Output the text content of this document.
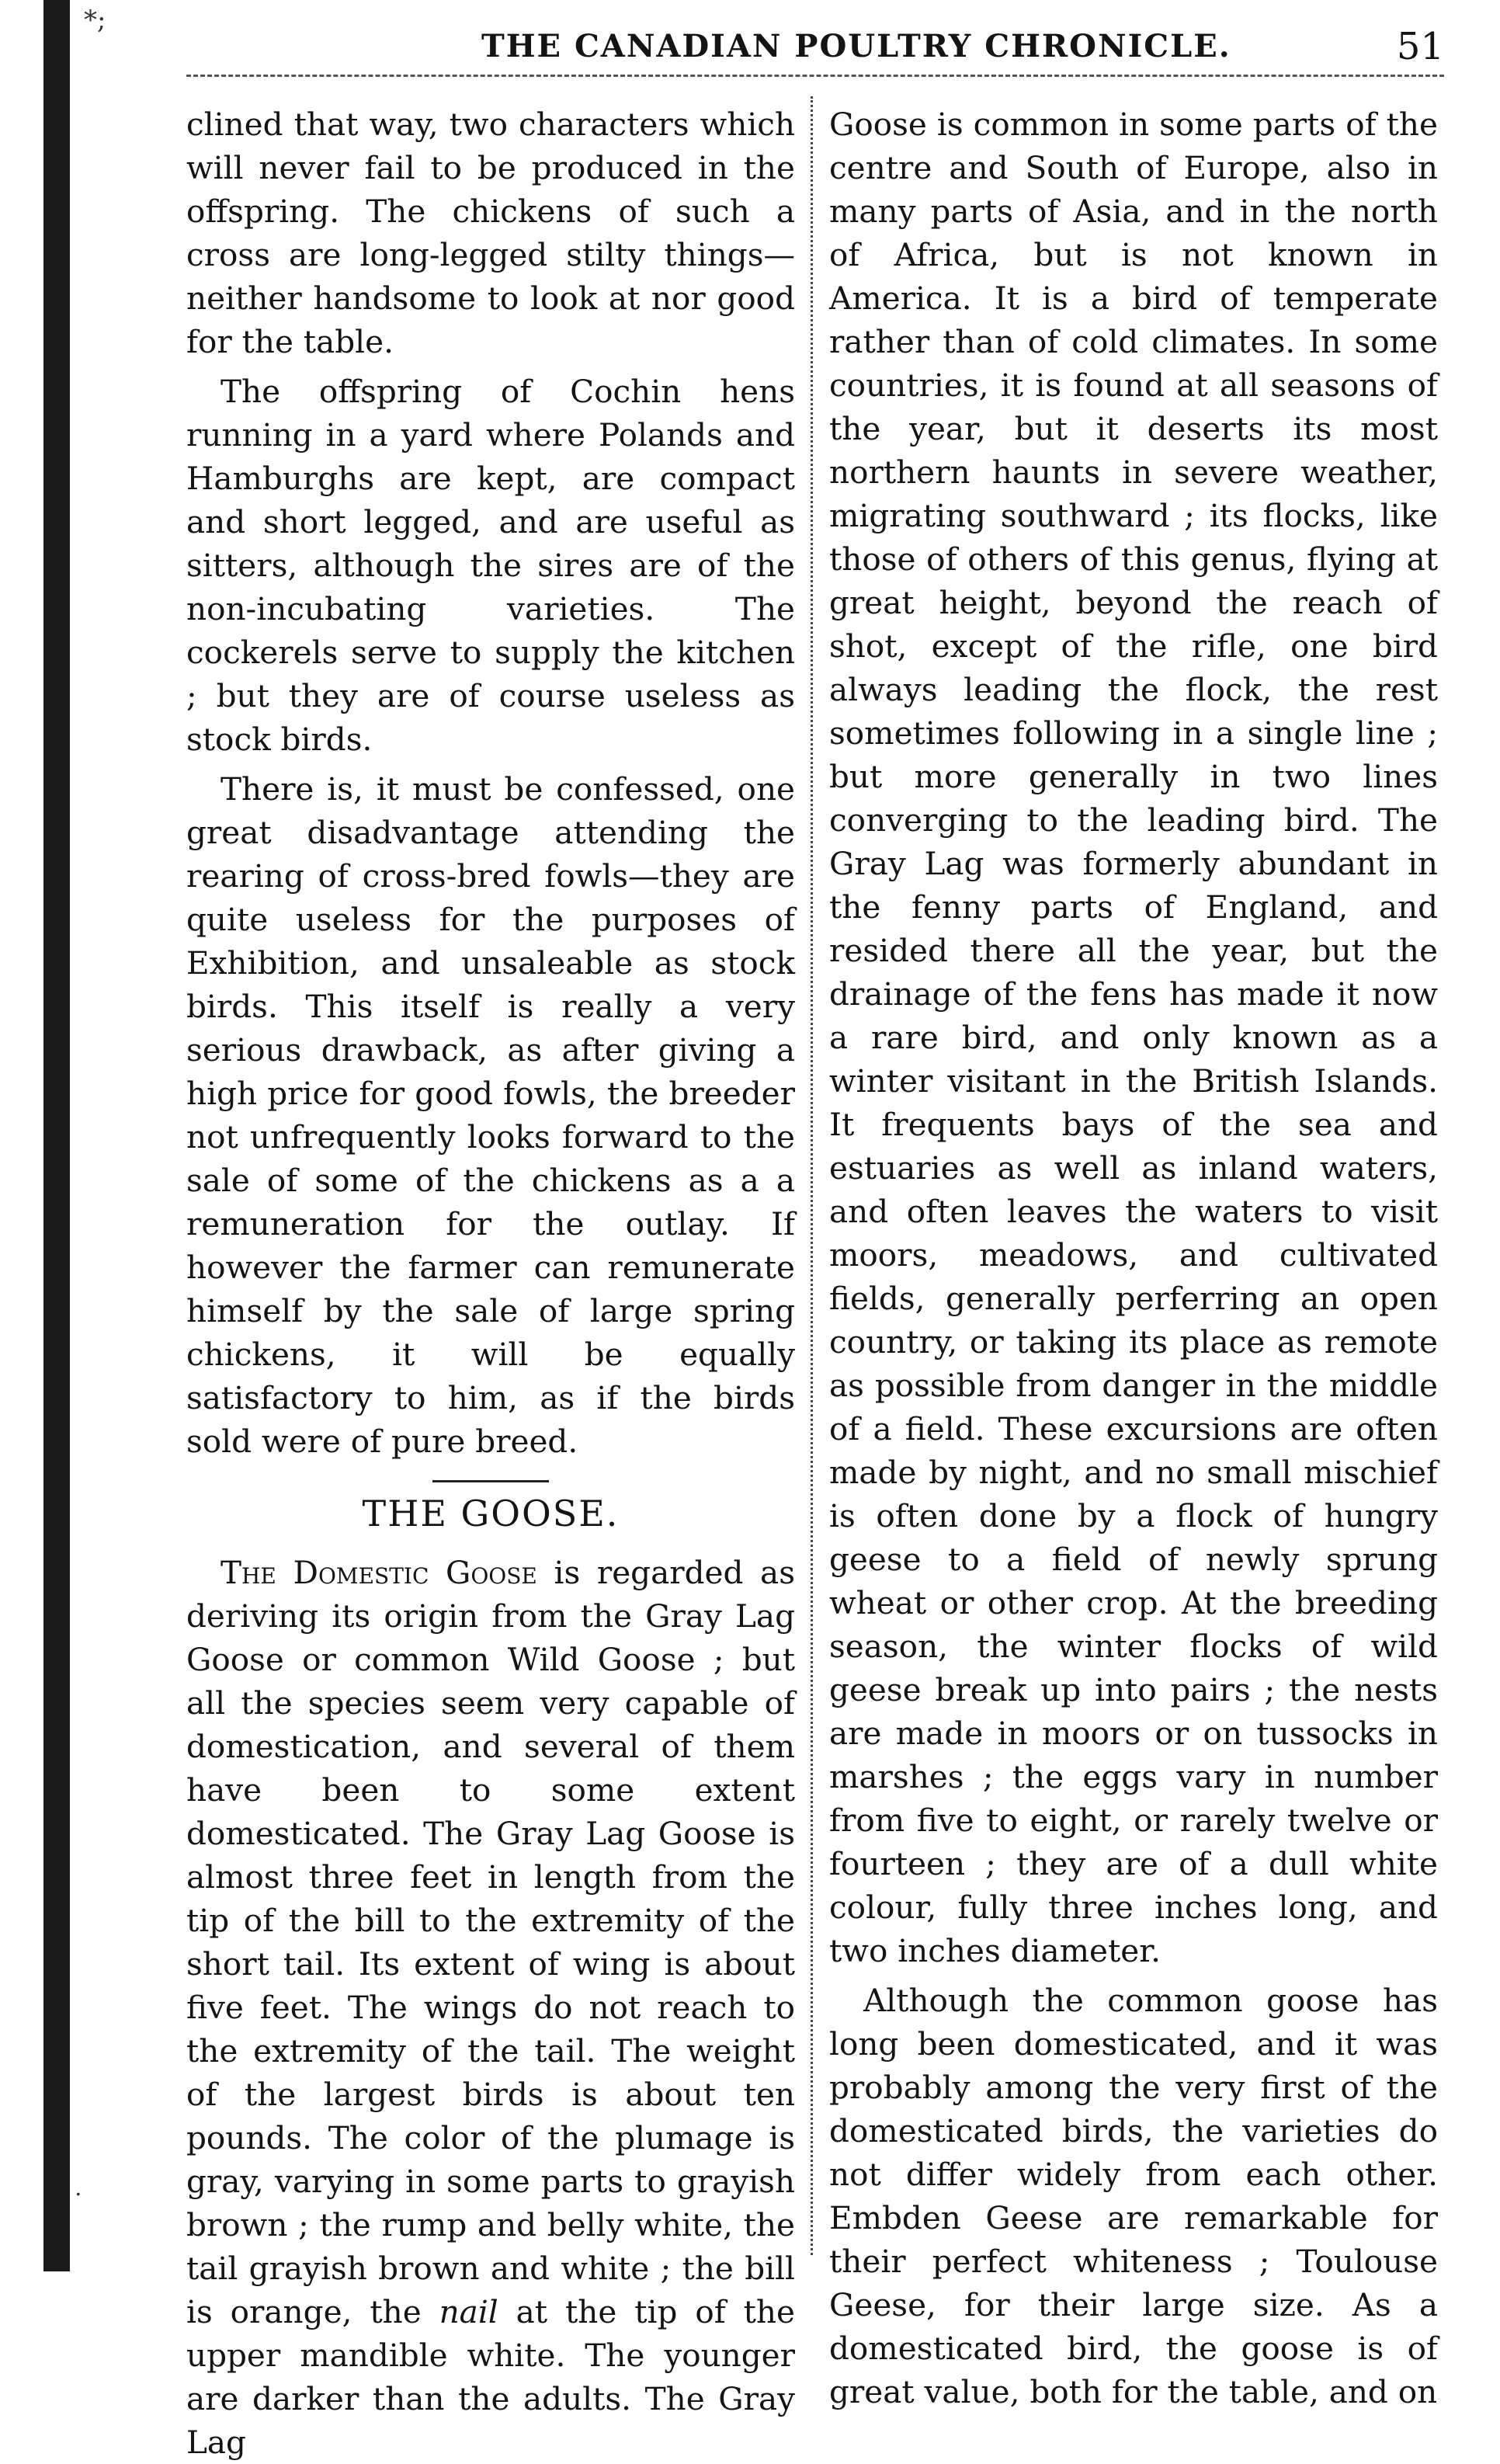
*;
.
THE CANADIAN POULTRY CHRONICLE.	51

clined that way, two characters which will never fail to be produced in the offspring. The chickens of such a cross are long-legged stilty things—neither handsome to look at nor good for the table.

The offspring of Cochin hens running in a yard where Polands and Hamburghs are kept, are compact and short legged, and are useful as sitters, although the sires are of the non-incubating varieties. The cockerels serve to supply the kitchen ; but they are of course useless as stock birds.

There is, it must be confessed, one great disadvantage attending the rearing of cross-bred fowls—they are quite useless for the purposes of Exhibition, and unsaleable as stock birds. This itself is really a very serious drawback, as after giving a high price for good fowls, the breeder not unfrequently looks forward to the sale of some of the chickens as a a remuneration for the outlay. If however the farmer can remunerate himself by the sale of large spring chickens, it will be equally satisfactory to him, as if the birds sold were of pure breed.

THE GOOSE.

The Domestic Goose is regarded as deriving its origin from the Gray Lag Goose or common Wild Goose ; but all the species seem very capable of domestication, and several of them have been to some extent domesticated. The Gray Lag Goose is almost three feet in length from the tip of the bill to the extremity of the short tail. Its extent of wing is about five feet. The wings do not reach to the extremity of the tail. The weight of the largest birds is about ten pounds. The color of the plumage is gray, varying in some parts to grayish brown ; the rump and belly white, the tail grayish brown and white ; the bill is orange, the nail at the tip of the upper mandible white. The younger are darker than the adults. The Gray Lag

Goose is common in some parts of the centre and South of Europe, also in many parts of Asia, and in the north of Africa, but is not known in America. It is a bird of temperate rather than of cold climates. In some countries, it is found at all seasons of the year, but it deserts its most northern haunts in severe weather, migrating southward ; its flocks, like those of others of this genus, flying at great height, beyond the reach of shot, except of the rifle, one bird always leading the flock, the rest sometimes following in a single line ; but more generally in two lines converging to the leading bird. The Gray Lag was formerly abundant in the fenny parts of England, and resided there all the year, but the drainage of the fens has made it now a rare bird, and only known as a winter visitant in the British Islands. It frequents bays of the sea and estuaries as well as inland waters, and often leaves the waters to visit moors, meadows, and cultivated fields, generally perferring an open country, or taking its place as remote as possible from danger in the middle of a field. These excursions are often made by night, and no small mischief is often done by a flock of hungry geese to a field of newly sprung wheat or other crop. At the breeding season, the winter flocks of wild geese break up into pairs ; the nests are made in moors or on tussocks in marshes ; the eggs vary in number from five to eight, or rarely twelve or fourteen ; they are of a dull white colour, fully three inches long, and two inches diameter.

Although the common goose has long been domesticated, and it was probably among the very first of the domesticated birds, the varieties do not differ widely from each other. Embden Geese are remarkable for their perfect whiteness ; Toulouse Geese, for their large size. As a domesticated bird, the goose is of great value, both for the table, and on
